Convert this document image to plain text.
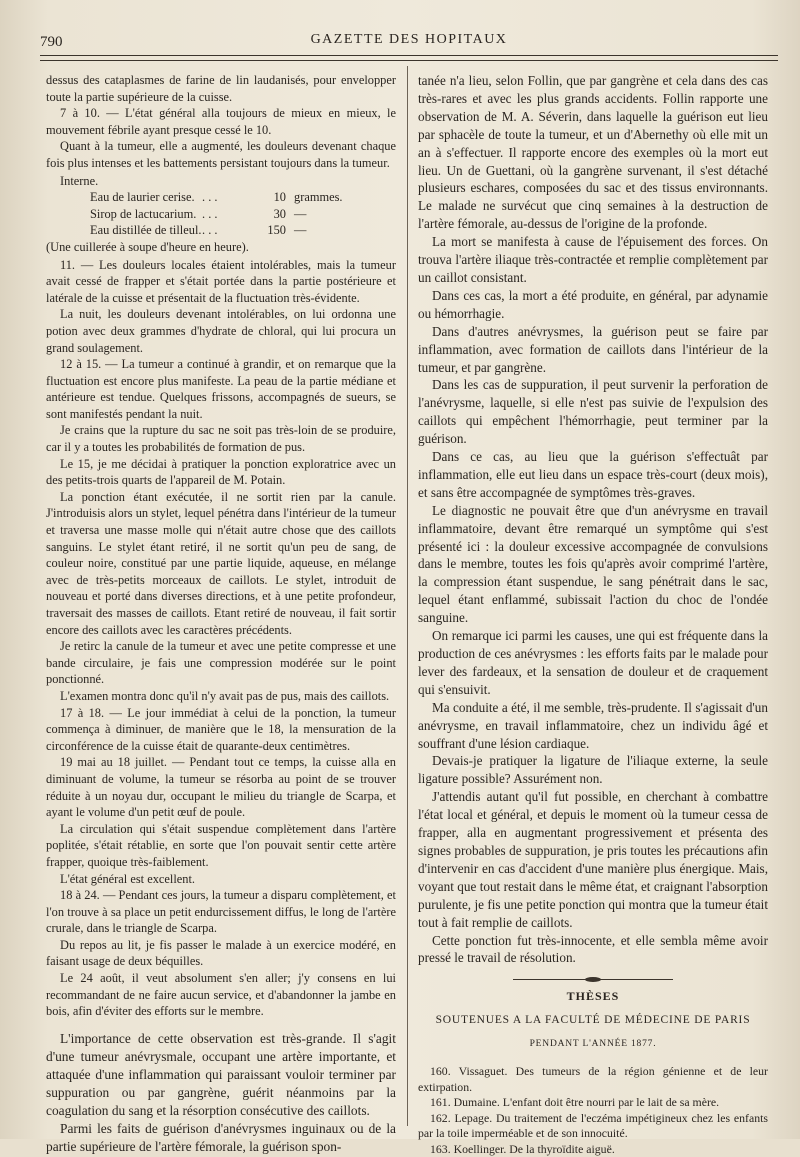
790	GAZETTE DES HOPITAUX

dessus des cataplasmes de farine de lin laudanisés, pour envelopper toute la partie supérieure de la cuisse.

7 à 10. — L'état général alla toujours de mieux en mieux, le mouvement fébrile ayant presque cessé le 10.

Quant à la tumeur, elle a augmenté, les douleurs devenant chaque fois plus intenses et les battements persistant toujours dans la tumeur.

Interne.
Eau de laurier cerise. . . .	10 grammes.
Sirop de lactucarium. . . .	30 —
Eau distillée de tilleul. . . .	150 —

(Une cuillerée à soupe d'heure en heure).

11. — Les douleurs locales étaient intolérables, mais la tumeur avait cessé de frapper et s'était portée dans la partie postérieure et latérale de la cuisse et présentait de la fluctuation très-évidente.

La nuit, les douleurs devenant intolérables, on lui ordonna une potion avec deux grammes d'hydrate de chloral, qui lui procura un grand soulagement.

12 à 15. — La tumeur a continué à grandir, et on remarque que la fluctuation est encore plus manifeste. La peau de la partie médiane et antérieure est tendue. Quelques frissons, accompagnés de sueurs, se sont manifestés pendant la nuit.

Je crains que la rupture du sac ne soit pas très-loin de se produire, car il y a toutes les probabilités de formation de pus.

Le 15, je me décidai à pratiquer la ponction exploratrice avec un des petits-trois quarts de l'appareil de M. Potain.

La ponction étant exécutée, il ne sortit rien par la canule. J'introduisis alors un stylet, lequel pénétra dans l'intérieur de la tumeur et traversa une masse molle qui n'était autre chose que des caillots sanguins. Le stylet étant retiré, il ne sortit qu'un peu de sang, de couleur noire, constitué par une partie liquide, aqueuse, en mélange avec de très-petits morceaux de caillots. Le stylet, introduit de nouveau et porté dans diverses directions, et à une petite profondeur, traversait des masses de caillots. Etant retiré de nouveau, il fait sortir encore des caillots avec les caractères précédents.

Je retirc la canule de la tumeur et avec une petite compresse et une bande circulaire, je fais une compression modérée sur le point ponctionné.

L'examen montra donc qu'il n'y avait pas de pus, mais des caillots.

17 à 18. — Le jour immédiat à celui de la ponction, la tumeur commença à diminuer, de manière que le 18, la mensuration de la circonférence de la cuisse était de quarante-deux centimètres.

19 mai au 18 juillet. — Pendant tout ce temps, la cuisse alla en diminuant de volume, la tumeur se résorba au point de se trouver réduite à un noyau dur, occupant le milieu du triangle de Scarpa, et ayant le volume d'un petit œuf de poule.

La circulation qui s'était suspendue complètement dans l'artère poplitée, s'était rétablie, en sorte que l'on pouvait sentir cette artère frapper, quoique très-faiblement.

L'état général est excellent.

18 à 24. — Pendant ces jours, la tumeur a disparu complètement, et l'on trouve à sa place un petit endurcissement diffus, le long de l'artère crurale, dans le triangle de Scarpa.

Du repos au lit, je fis passer le malade à un exercice modéré, en faisant usage de deux béquilles.

Le 24 août, il veut absolument s'en aller; j'y consens en lui recommandant de ne faire aucun service, et d'abandonner la jambe en bois, afin d'éviter des efforts sur le membre.

L'importance de cette observation est très-grande. Il s'agit d'une tumeur anévrysmale, occupant une artère importante, et attaquée d'une inflammation qui paraissant vouloir terminer par suppuration ou par gangrène, guérit néanmoins par la coagulation du sang et la résorption consécutive des caillots.

Parmi les faits de guérison d'anévrysmes inguinaux ou de la partie supérieure de l'artère fémorale, la guérison spon-

tanée n'a lieu, selon Follin, que par gangrène et cela dans des cas très-rares et avec les plus grands accidents. Follin rapporte une observation de M. A. Séverin, dans laquelle la guérison eut lieu par sphacèle de toute la tumeur, et un d'Abernethy où elle mit un an à s'effectuer. Il rapporte encore des exemples où la mort eut lieu. Un de Guettani, où la gangrène survenant, il s'est détaché plusieurs eschares, composées du sac et des tissus environnants. Le malade ne survécut que cinq semaines à la destruction de l'artère fémorale, au-dessus de l'origine de la profonde.

La mort se manifesta à cause de l'épuisement des forces. On trouva l'artère iliaque très-contractée et remplie complètement par un caillot consistant.

Dans ces cas, la mort a été produite, en général, par adynamie ou hémorrhagie.

Dans d'autres anévrysmes, la guérison peut se faire par inflammation, avec formation de caillots dans l'intérieur de la tumeur, et par gangrène.

Dans les cas de suppuration, il peut survenir la perforation de l'anévrysme, laquelle, si elle n'est pas suivie de l'expulsion des caillots qui empêchent l'hémorrhagie, peut terminer par la guérison.

Dans ce cas, au lieu que la guérison s'effectuât par inflammation, elle eut lieu dans un espace très-court (deux mois), et sans être accompagnée de symptômes très-graves.

Le diagnostic ne pouvait être que d'un anévrysme en travail inflammatoire, devant être remarqué un symptôme qui s'est présenté ici : la douleur excessive accompagnée de convulsions dans le membre, toutes les fois qu'après avoir comprimé l'artère, la compression étant suspendue, le sang pénétrait dans le sac, lequel étant enflammé, subissait l'action du choc de l'ondée sanguine.

On remarque ici parmi les causes, une qui est fréquente dans la production de ces anévrysmes : les efforts faits par le malade pour lever des fardeaux, et la sensation de douleur et de craquement qui s'ensuivit.

Ma conduite a été, il me semble, très-prudente. Il s'agissait d'un anévrysme, en travail inflammatoire, chez un individu âgé et souffrant d'une lésion cardiaque.

Devais-je pratiquer la ligature de l'iliaque externe, la seule ligature possible? Assurément non.

J'attendis autant qu'il fut possible, en cherchant à combattre l'état local et général, et depuis le moment où la tumeur cessa de frapper, alla en augmentant progressivement et présenta des signes probables de suppuration, je pris toutes les précautions afin d'intervenir en cas d'accident d'une manière plus énergique. Mais, voyant que tout restait dans le même état, et craignant l'absorption purulente, je fis une petite ponction qui montra que la tumeur était tout à fait remplie de caillots.

Cette ponction fut très-innocente, et elle sembla même avoir pressé le travail de résolution.

THÈSES
SOUTENUES A LA FACULTÉ DE MÉDECINE DE PARIS
PENDANT L'ANNÉE 1877.

160. Vissaguet. Des tumeurs de la région génienne et de leur extirpation.

161. Dumaine. L'enfant doit être nourri par le lait de sa mère.

162. Lepage. Du traitement de l'eczéma impétigineux chez les enfants par la toile imperméable et de son innocuité.

163. Koellinger. De la thyroïdite aiguë.
